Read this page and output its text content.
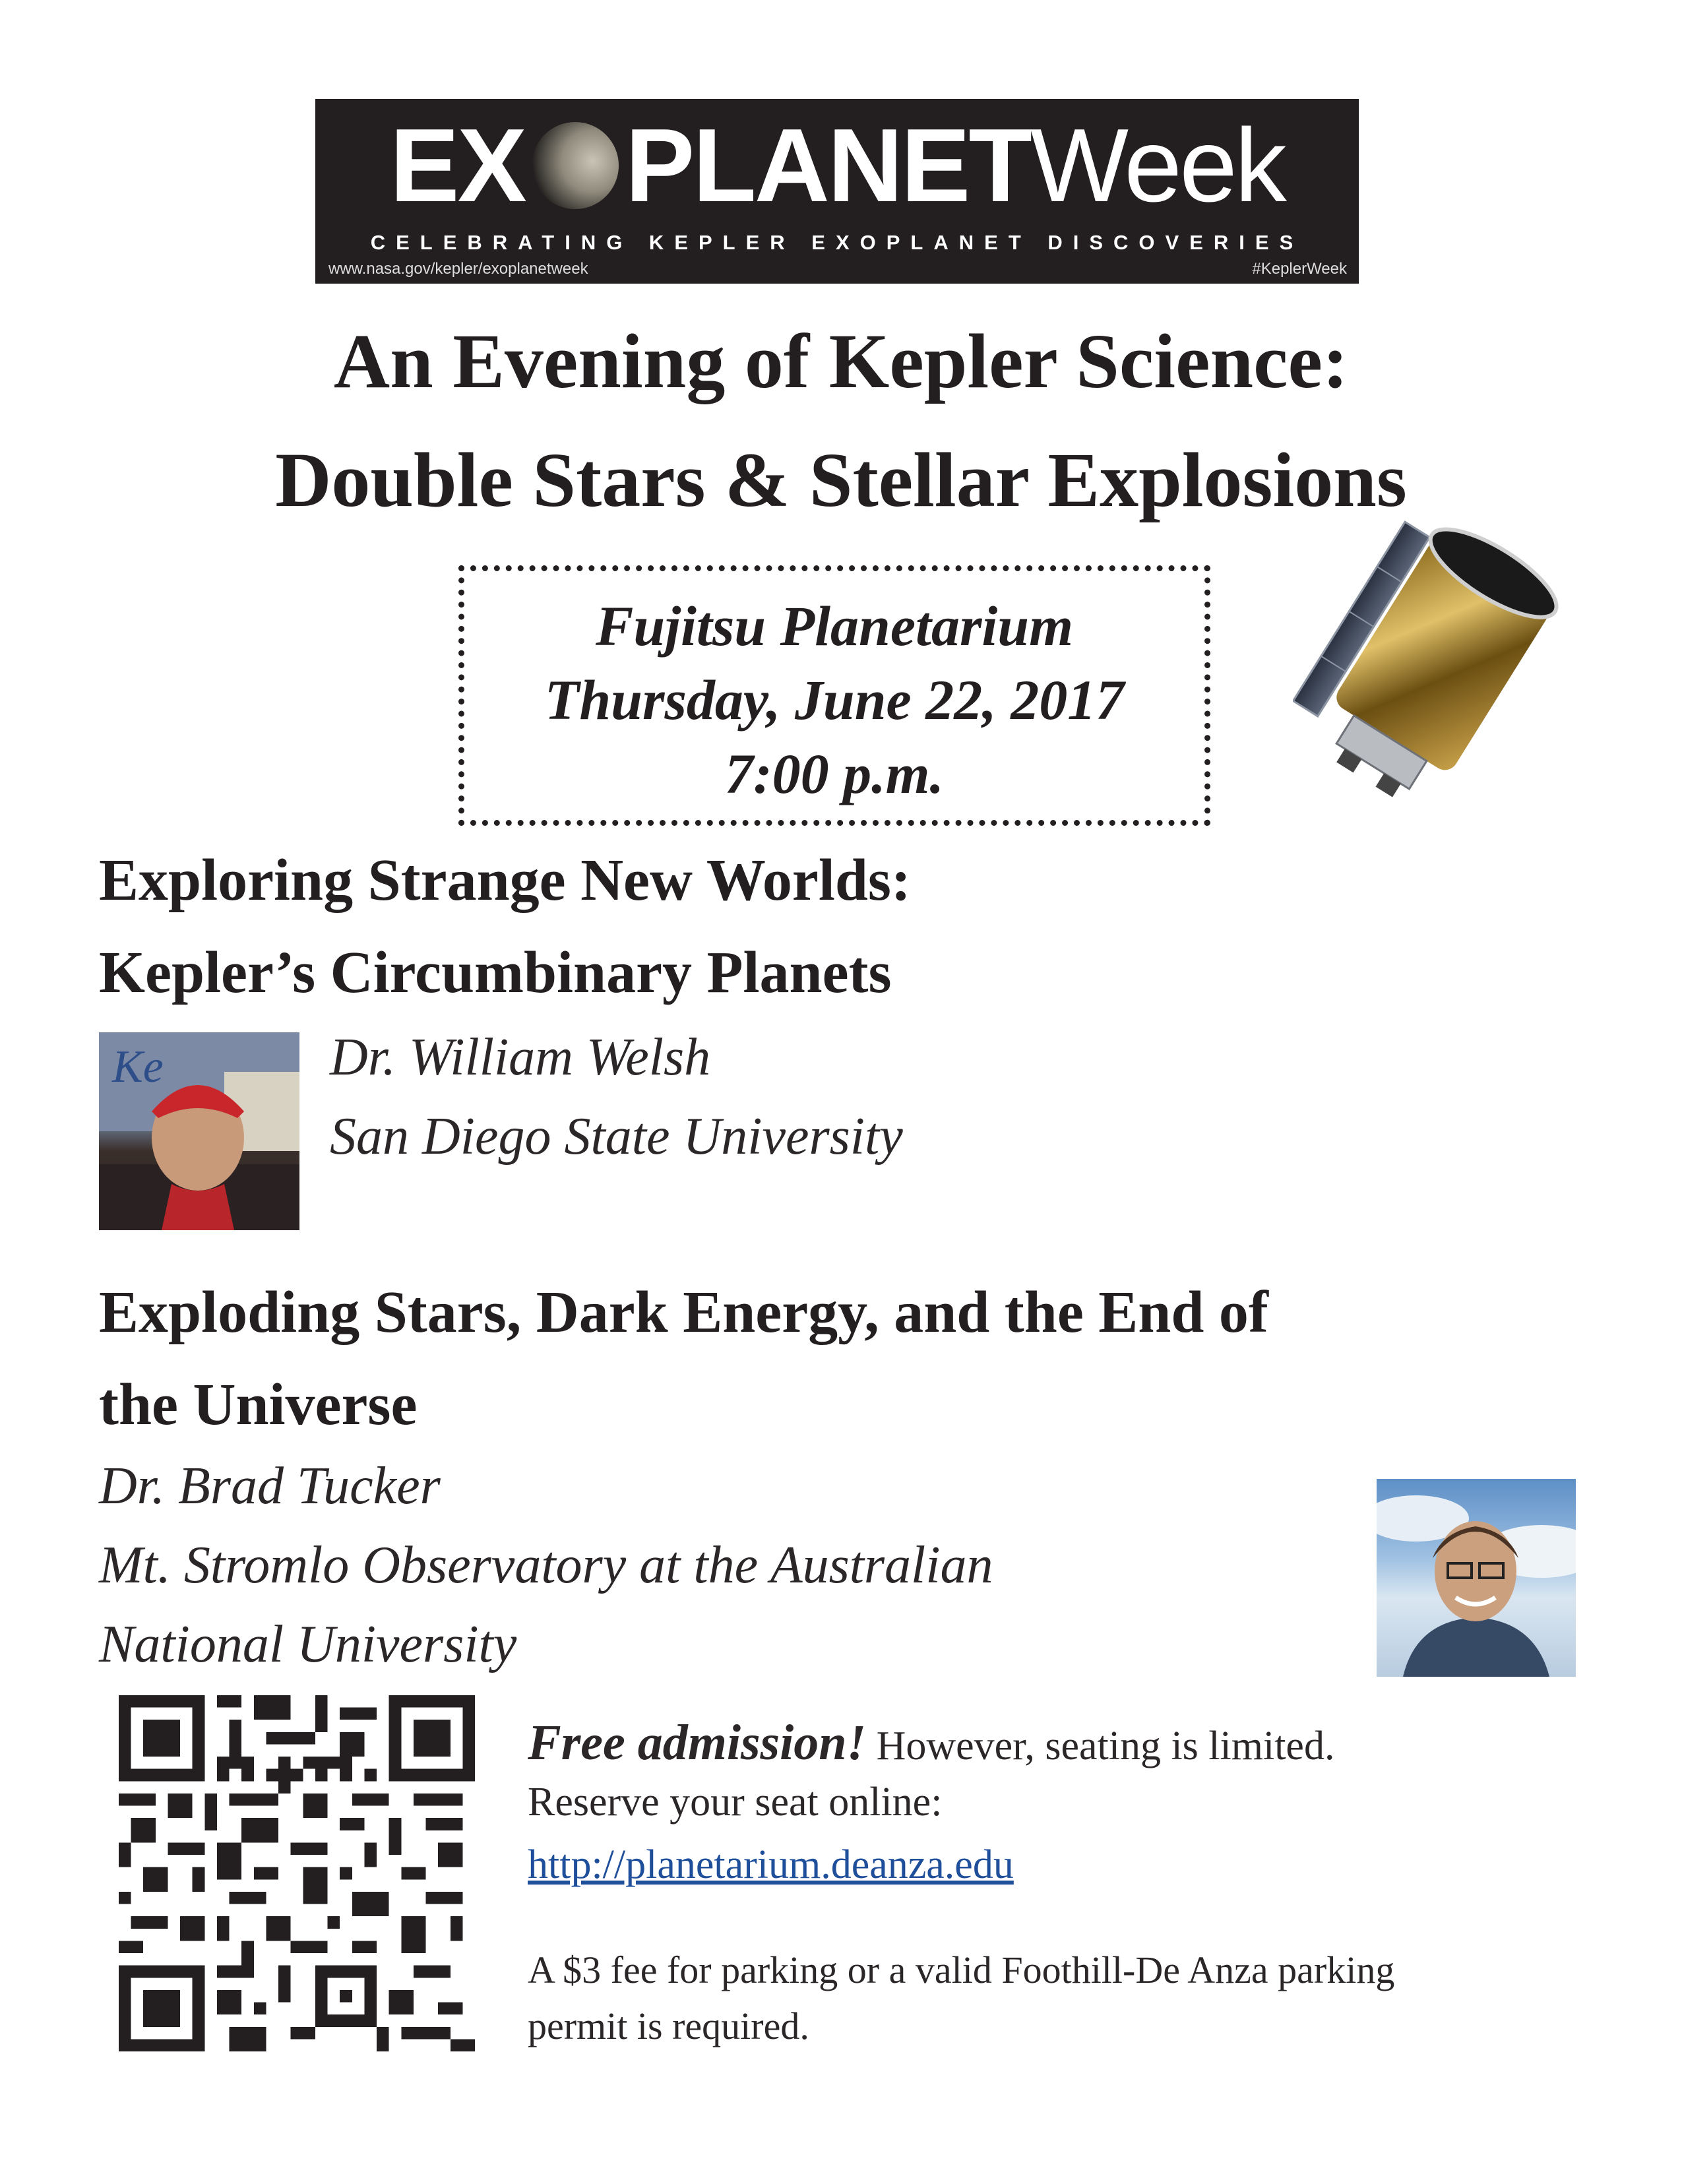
EX PLANETWeek
CELEBRATING KEPLER EXOPLANET DISCOVERIES
www.nasa.gov/kepler/exoplanetweek	#KeplerWeek
An Evening of Kepler Science:
Double Stars & Stellar Explosions
Fujitsu Planetarium
Thursday, June 22, 2017
7:00 p.m.
Exploring Strange New Worlds:
Kepler’s Circumbinary Planets
Ke	Dr. William Welsh
San Diego State University
Exploding Stars, Dark Energy, and the End of
the Universe
Dr. Brad Tucker
Mt. Stromlo Observatory at the Australian
National University
Free admission! However, seating is limited.
Reserve your seat online:
http://planetarium.deanza.edu
A $3 fee for parking or a valid Foothill-De Anza parking
permit is required.
